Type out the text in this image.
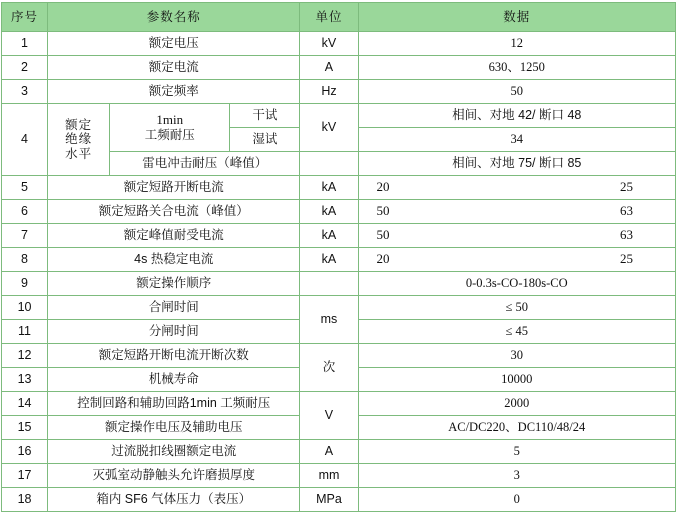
序号	参数名称			单位	数据
1	额定电压			kV	12
2	额定电流			A	630、1250
3	额定频率			Hz	50
4	额定
绝缘
水平	1min
工频耐压	干试	kV	相间、对地 42/ 断口 48
			湿试		34
		雷电冲击耐压（峰值）			相间、对地 75/ 断口 85
5	额定短路开断电流			kA	20 25

6	额定短路关合电流（峰值）			kA	50 63

7	额定峰值耐受电流			kA	50 63

8	4s 热稳定电流			kA	20 25

9	额定操作顺序				0-0.3s-CO-180s-CO
10	合闸时间			ms	≤ 50
11	分闸时间				≤ 45
12	额定短路开断电流开断次数			次	30
13	机械寿命				10000
14	控制回路和辅助回路1min 工频耐压			V	2000
15	额定操作电压及辅助电压				AC/DC220、DC110/48/24
16	过流脱扣线圈额定电流			A	5
17	灭弧室动静触头允许磨损厚度			mm	3
18	箱内 SF6 气体压力（表压）			MPa	0
